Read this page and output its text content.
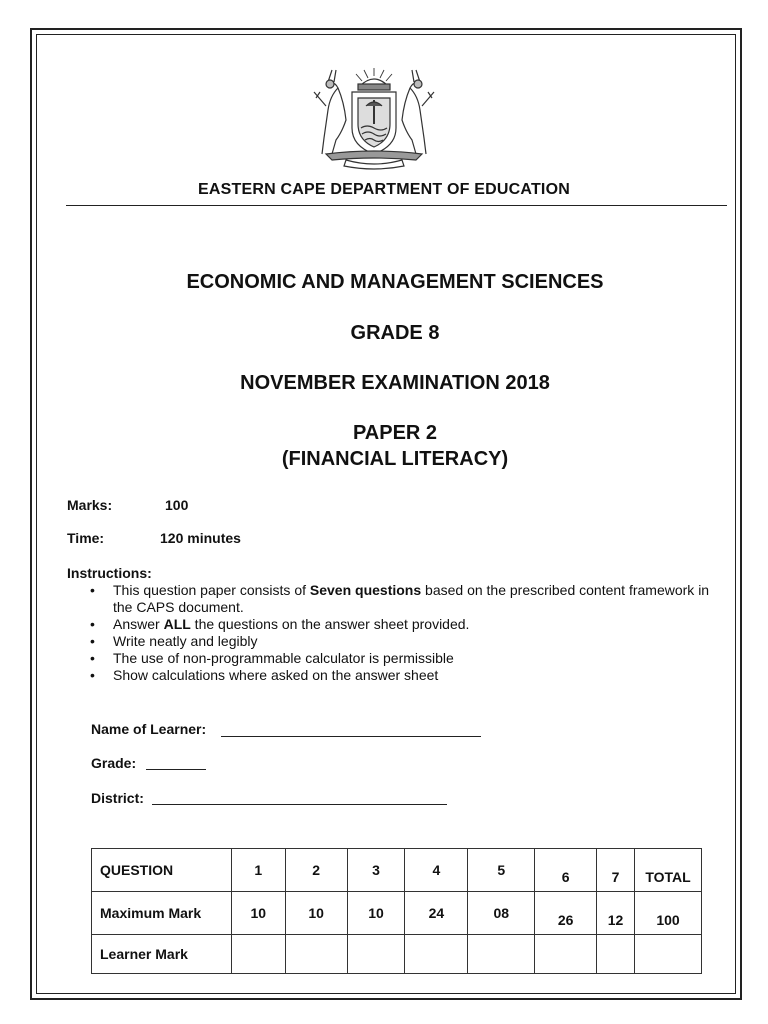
EASTERN CAPE DEPARTMENT OF EDUCATION
ECONOMIC AND MANAGEMENT SCIENCES
GRADE 8
NOVEMBER EXAMINATION 2018
PAPER 2
(FINANCIAL LITERACY)
Marks:	100
Time:	120 minutes
Instructions:
• This question paper consists of Seven questions based on the prescribed content framework in the CAPS document.
• Answer ALL the questions on the answer sheet provided.
• Write neatly and legibly
• The use of non-programmable calculator is permissible
• Show calculations where asked on the answer sheet
Name of Learner:
Grade:
District:
QUESTION	1	2	3	4	5	6	7	TOTAL
Maximum Mark	10	10	10	24	08	26	12	100
Learner Mark								
